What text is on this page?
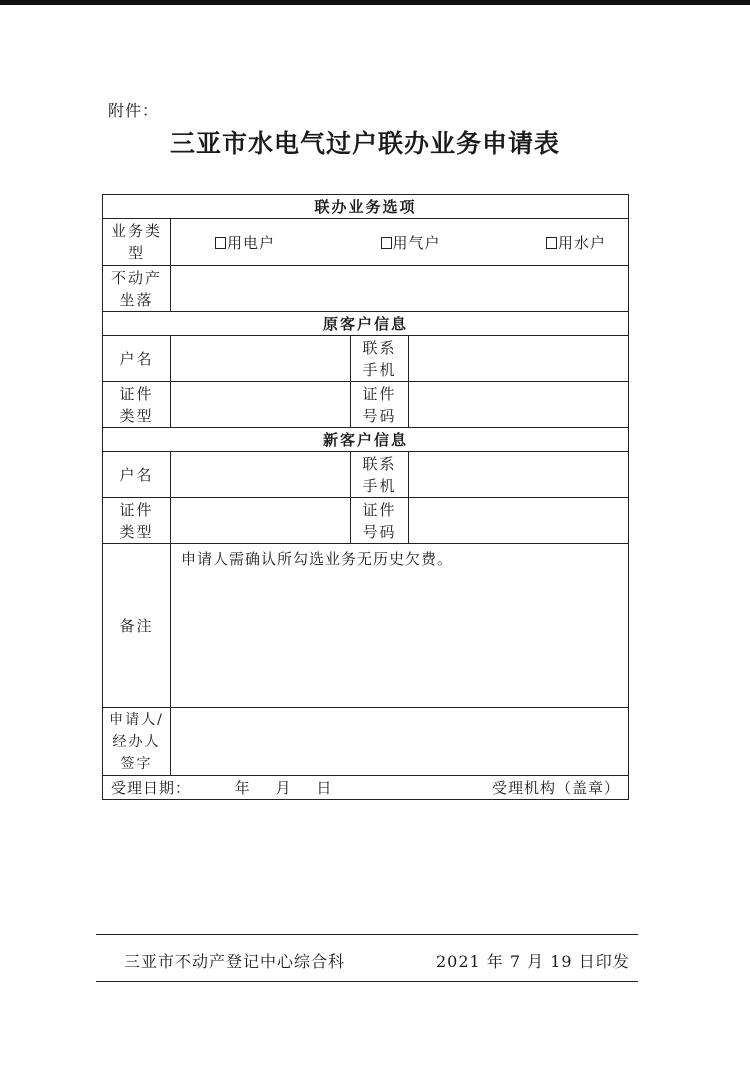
附件：
三亚市水电气过户联办业务申请表
联办业务选项			
业务类型	用电户 用气户 用水户		

不动产坐落			
原客户信息			
户名		联系手机	
证件类型		证件号码	
新客户信息			
户名		联系手机	
证件类型		证件号码	
备注	申请人需确认所勾选业务无历史欠费。		
申请人/经办人签字			

受理日期： 年 月 日 受理机构（盖章）			
三亚市不动产登记中心综合科	2021 年 7 月 19 日印发
